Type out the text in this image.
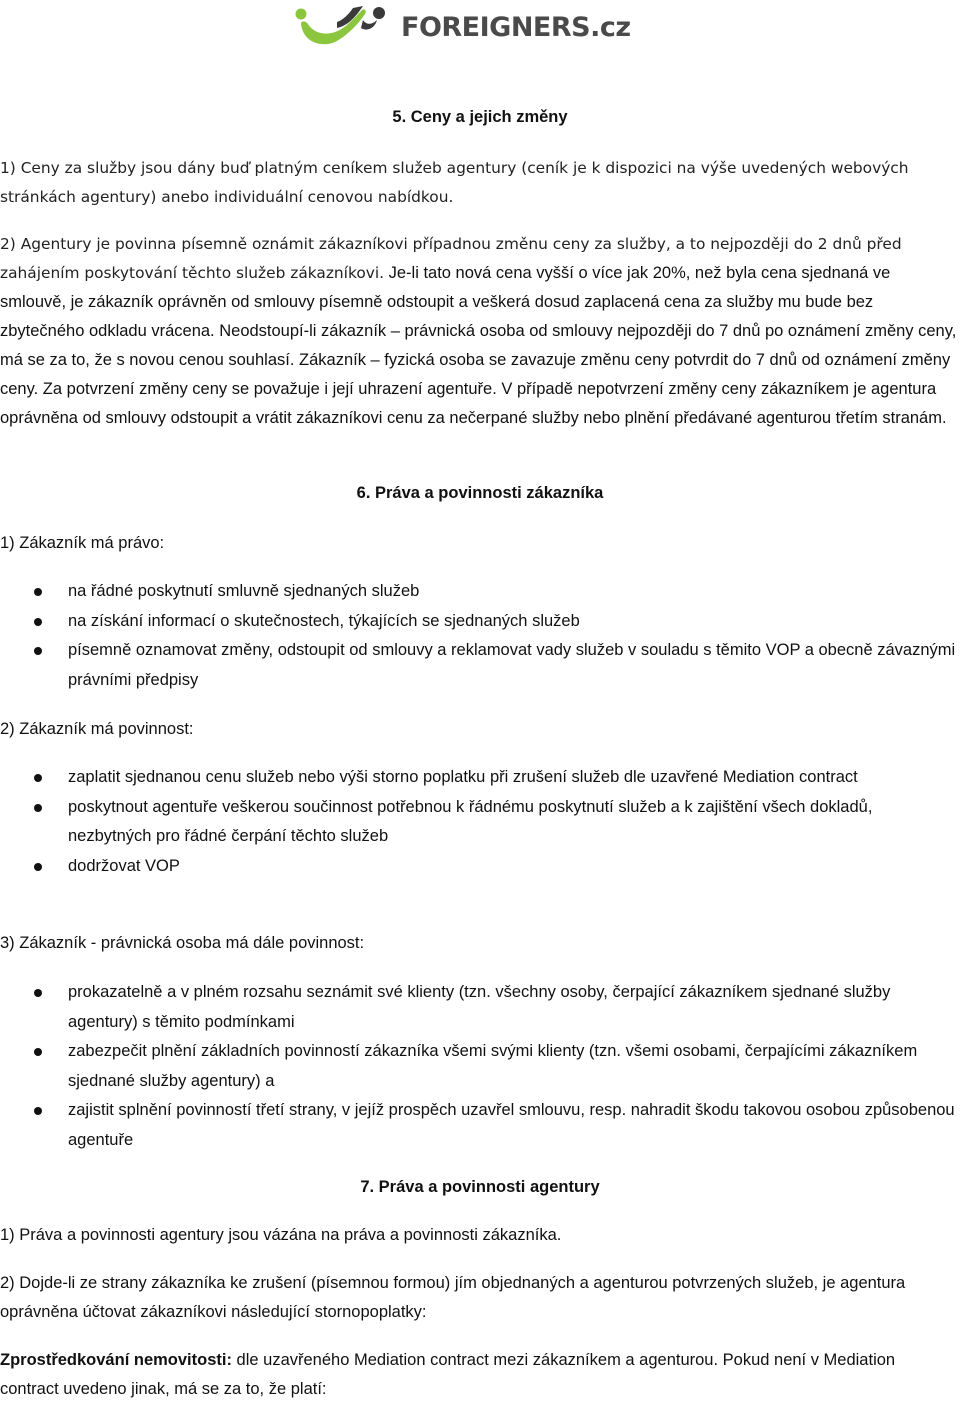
FOREIGNERS.cz
5. Ceny a jejich změny

1) Ceny za služby jsou dány buď platným ceníkem služeb agentury (ceník je k dispozici na výše uvedených webových stránkách agentury) anebo individuální cenovou nabídkou.

2) Agentury je povinna písemně oznámit zákazníkovi případnou změnu ceny za služby, a to nejpozději do 2 dnů před zahájením poskytování těchto služeb zákazníkovi. Je-li tato nová cena vyšší o více jak 20%, než byla cena sjednaná ve smlouvě, je zákazník oprávněn od smlouvy písemně odstoupit a veškerá dosud zaplacená cena za služby mu bude bez zbytečného odkladu vrácena. Neodstoupí-li zákazník – právnická osoba od smlouvy nejpozději do 7 dnů po oznámení změny ceny, má se za to, že s novou cenou souhlasí. Zákazník – fyzická osoba se zavazuje změnu ceny potvrdit do 7 dnů od oznámení změny ceny. Za potvrzení změny ceny se považuje i její uhrazení agentuře. V případě nepotvrzení změny ceny zákazníkem je agentura oprávněna od smlouvy odstoupit a vrátit zákazníkovi cenu za nečerpané služby nebo plnění předávané agenturou třetím stranám.

6. Práva a povinnosti zákazníka

1) Zákazník má právo:

na řádné poskytnutí smluvně sjednaných služeb
na získání informací o skutečnostech, týkajících se sjednaných služeb
písemně oznamovat změny, odstoupit od smlouvy a reklamovat vady služeb v souladu s těmito VOP a obecně závaznými právními předpisy

2) Zákazník má povinnost:

zaplatit sjednanou cenu služeb nebo výši storno poplatku při zrušení služeb dle uzavřené Mediation contract
poskytnout agentuře veškerou součinnost potřebnou k řádnému poskytnutí služeb a k zajištění všech dokladů, nezbytných pro řádné čerpání těchto služeb
dodržovat VOP

3) Zákazník - právnická osoba má dále povinnost:

prokazatelně a v plném rozsahu seznámit své klienty (tzn. všechny osoby, čerpající zákazníkem sjednané služby agentury) s těmito podmínkami
zabezpečit plnění základních povinností zákazníka všemi svými klienty (tzn. všemi osobami, čerpajícími zákazníkem sjednané služby agentury) a
zajistit splnění povinností třetí strany, v jejíž prospěch uzavřel smlouvu, resp. nahradit škodu takovou osobou způsobenou agentuře
7. Práva a povinnosti agentury

1) Práva a povinnosti agentury jsou vázána na práva a povinnosti zákazníka.

2) Dojde-li ze strany zákazníka ke zrušení (písemnou formou) jím objednaných a agenturou potvrzených služeb, je agentura oprávněna účtovat zákazníkovi následující stornopoplatky:

Zprostředkování nemovitosti: dle uzavřeného Mediation contract mezi zákazníkem a agenturou. Pokud není v Mediation contract uvedeno jinak, má se za to, že platí:
